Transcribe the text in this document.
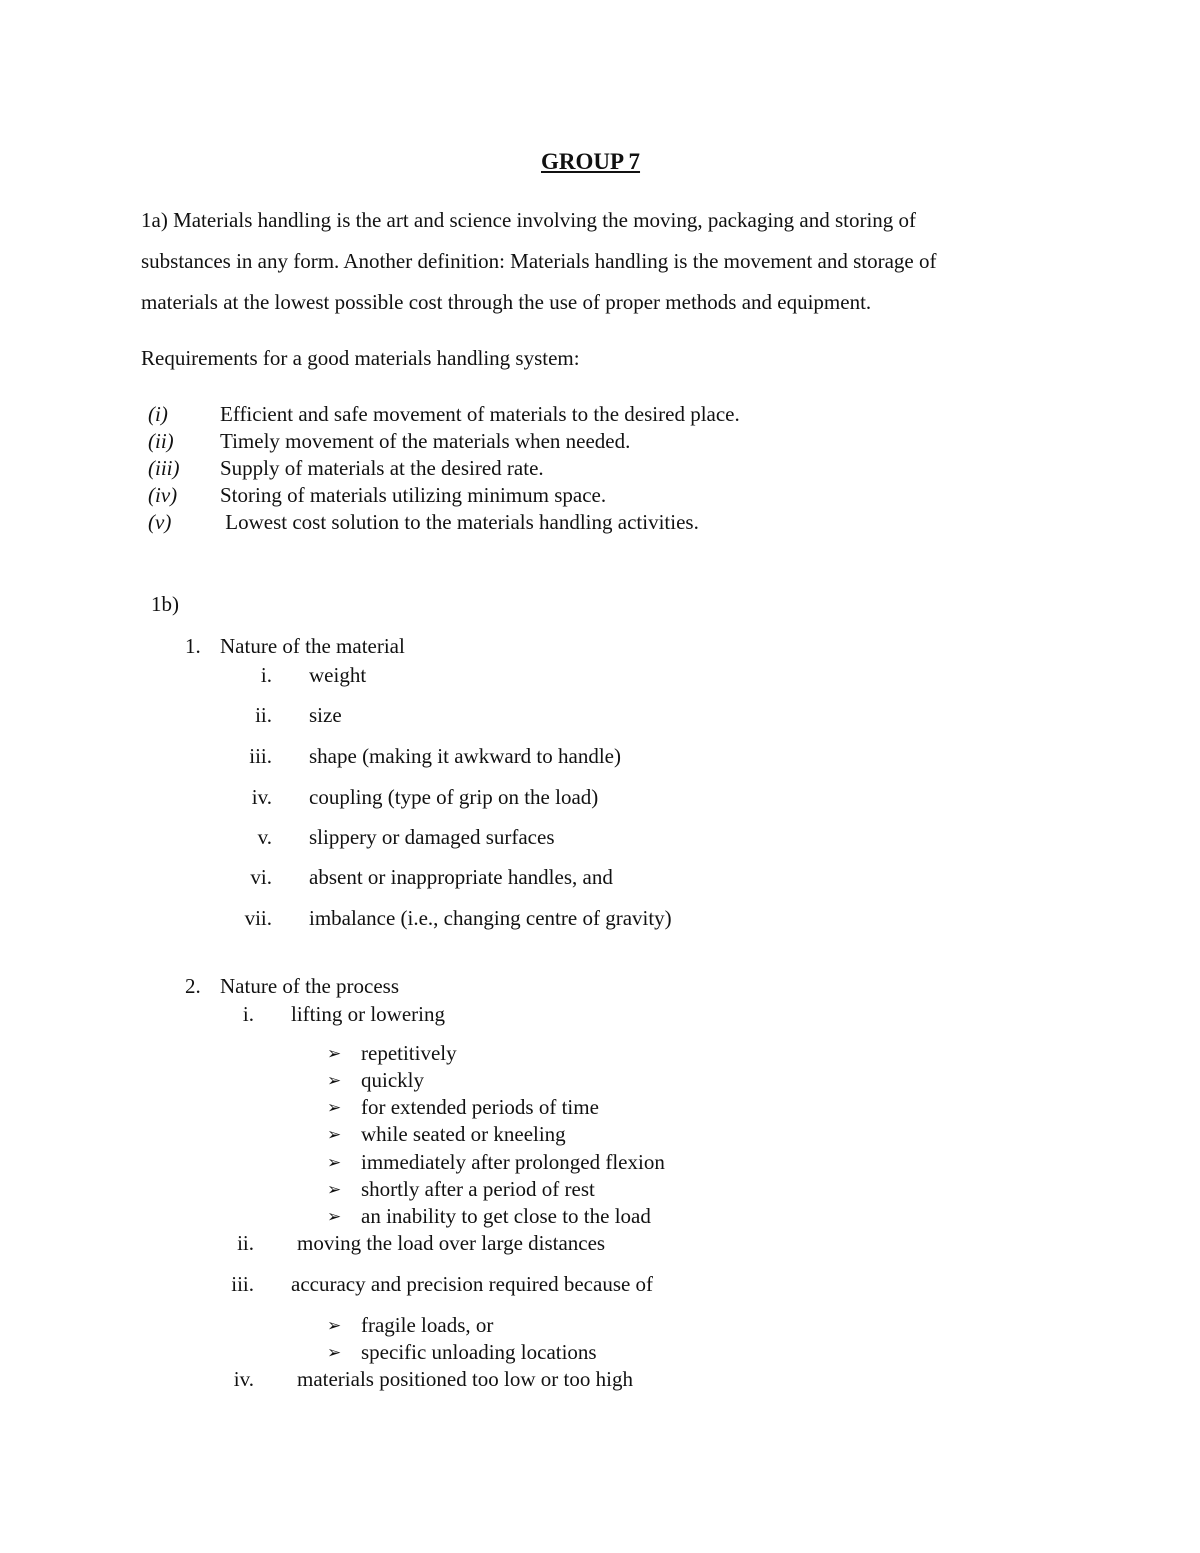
GROUP 7
1a) Materials handling is the art and science involving the moving, packaging and storing of
substances in any form. Another definition: Materials handling is the movement and storage of
materials at the lowest possible cost through the use of proper methods and equipment.
Requirements for a good materials handling system:
(i) Efficient and safe movement of materials to the desired place.
(ii) Timely movement of the materials when needed.
(iii) Supply of materials at the desired rate.
(iv) Storing of materials utilizing minimum space.
(v) Lowest cost solution to the materials handling activities.
1b)
1. Nature of the material
i. weight
ii. size
iii. shape (making it awkward to handle)
iv. coupling (type of grip on the load)
v. slippery or damaged surfaces
vi. absent or inappropriate handles, and
vii. imbalance (i.e., changing centre of gravity)
2. Nature of the process
i. lifting or lowering
➢ repetitively
➢ quickly
➢ for extended periods of time
➢ while seated or kneeling
➢ immediately after prolonged flexion
➢ shortly after a period of rest
➢ an inability to get close to the load
ii. moving the load over large distances
iii. accuracy and precision required because of
➢ fragile loads, or
➢ specific unloading locations
iv. materials positioned too low or too high
